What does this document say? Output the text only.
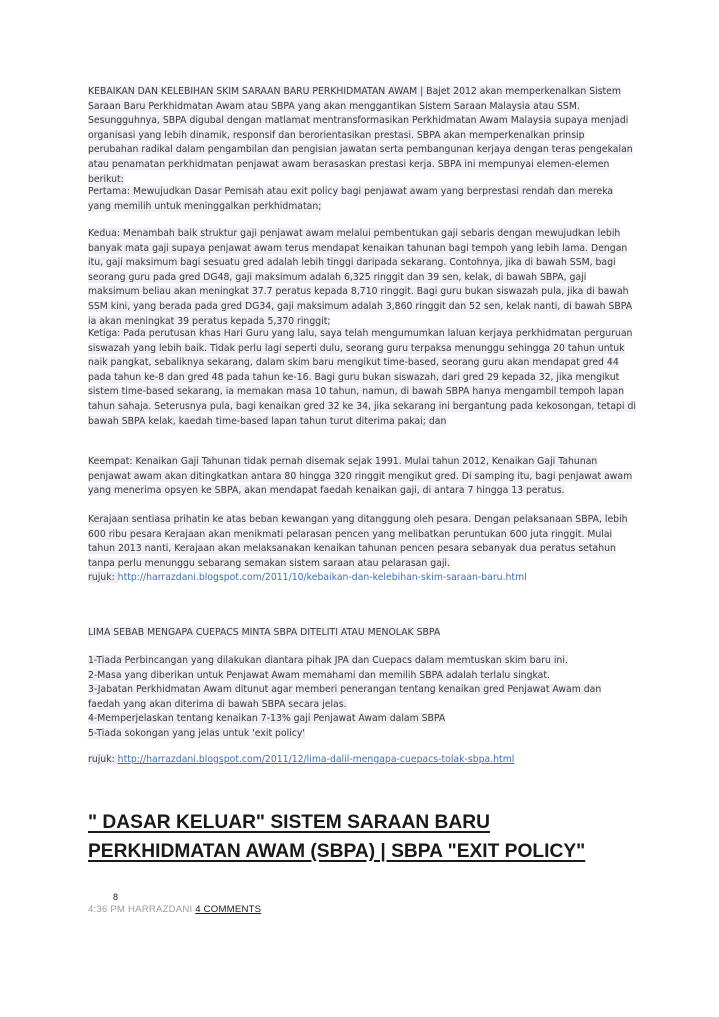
KEBAIKAN DAN KELEBIHAN SKIM SARAAN BARU PERKHIDMATAN AWAM | Bajet 2012 akan memperkenalkan Sistem Saraan Baru Perkhidmatan Awam atau SBPA yang akan menggantikan Sistem Saraan Malaysia atau SSM. Sesungguhnya, SBPA digubal dengan matlamat mentransformasikan Perkhidmatan Awam Malaysia supaya menjadi organisasi yang lebih dinamik, responsif dan berorientasikan prestasi. SBPA akan memperkenalkan prinsip perubahan radikal dalam pengambilan dan pengisian jawatan serta pembangunan kerjaya dengan teras pengekalan atau penamatan perkhidmatan penjawat awam berasaskan prestasi kerja. SBPA ini mempunyai elemen-elemen berikut:
Pertama: Mewujudkan Dasar Pemisah atau exit policy bagi penjawat awam yang berprestasi rendah dan mereka yang memilih untuk meninggalkan perkhidmatan;
Kedua: Menambah baik struktur gaji penjawat awam melalui pembentukan gaji sebaris dengan mewujudkan lebih banyak mata gaji supaya penjawat awam terus mendapat kenaikan tahunan bagi tempoh yang lebih lama. Dengan itu, gaji maksimum bagi sesuatu gred adalah lebih tinggi daripada sekarang. Contohnya, jika di bawah SSM, bagi seorang guru pada gred DG48, gaji maksimum adalah 6,325 ringgit dan 39 sen, kelak, di bawah SBPA, gaji maksimum beliau akan meningkat 37.7 peratus kepada 8,710 ringgit. Bagi guru bukan siswazah pula, jika di bawah SSM kini, yang berada pada gred DG34, gaji maksimum adalah 3,860 ringgit dan 52 sen, kelak nanti, di bawah SBPA ia akan meningkat 39 peratus kepada 5,370 ringgit;
Ketiga: Pada perutusan khas Hari Guru yang lalu, saya telah mengumumkan laluan kerjaya perkhidmatan perguruan siswazah yang lebih baik. Tidak perlu lagi seperti dulu, seorang guru terpaksa menunggu sehingga 20 tahun untuk naik pangkat, sebaliknya sekarang, dalam skim baru mengikut time-based, seorang guru akan mendapat gred 44 pada tahun ke-8 dan gred 48 pada tahun ke-16. Bagi guru bukan siswazah, dari gred 29 kepada 32, jika mengikut sistem time-based sekarang, ia memakan masa 10 tahun, namun, di bawah SBPA hanya mengambil tempoh lapan tahun sahaja. Seterusnya pula, bagi kenaikan gred 32 ke 34, jika sekarang ini bergantung pada kekosongan, tetapi di bawah SBPA kelak, kaedah time-based lapan tahun turut diterima pakai; dan
Keempat: Kenaikan Gaji Tahunan tidak pernah disemak sejak 1991. Mulai tahun 2012, Kenaikan Gaji Tahunan penjawat awam akan ditingkatkan antara 80 hingga 320 ringgit mengikut gred. Di samping itu, bagi penjawat awam yang menerima opsyen ke SBPA, akan mendapat faedah kenaikan gaji, di antara 7 hingga 13 peratus.
Kerajaan sentiasa prihatin ke atas beban kewangan yang ditanggung oleh pesara. Dengan pelaksanaan SBPA, lebih 600 ribu pesara Kerajaan akan menikmati pelarasan pencen yang melibatkan peruntukan 600 juta ringgit. Mulai tahun 2013 nanti, Kerajaan akan melaksanakan kenaikan tahunan pencen pesara sebanyak dua peratus setahun tanpa perlu menunggu sebarang semakan sistem saraan atau pelarasan gaji.
rujuk: http://harrazdani.blogspot.com/2011/10/kebaikan-dan-kelebihan-skim-saraan-baru.html
LIMA SEBAB MENGAPA CUEPACS MINTA SBPA DITELITI ATAU MENOLAK SBPA
1-Tiada Perbincangan yang dilakukan diantara pihak JPA dan Cuepacs dalam memtuskan skim baru ini.
2-Masa yang diberikan untuk Penjawat Awam memahami dan memilih SBPA adalah terlalu singkat.
3-Jabatan Perkhidmatan Awam ditunut agar memberi penerangan tentang kenaikan gred Penjawat Awam dan faedah yang akan diterima di bawah SBPA secara jelas.
4-Memperjelaskan tentang kenaikan 7-13% gaji Penjawat Awam dalam SBPA
5-Tiada sokongan yang jelas untuk 'exit policy'
rujuk: http://harrazdani.blogspot.com/2011/12/lima-dalil-mengapa-cuepacs-tolak-sbpa.html
" DASAR KELUAR" SISTEM SARAAN BARU PERKHIDMATAN AWAM (SBPA) | SBPA "EXIT POLICY"
8
4:36 PM HARRAZDANI 4 COMMENTS
